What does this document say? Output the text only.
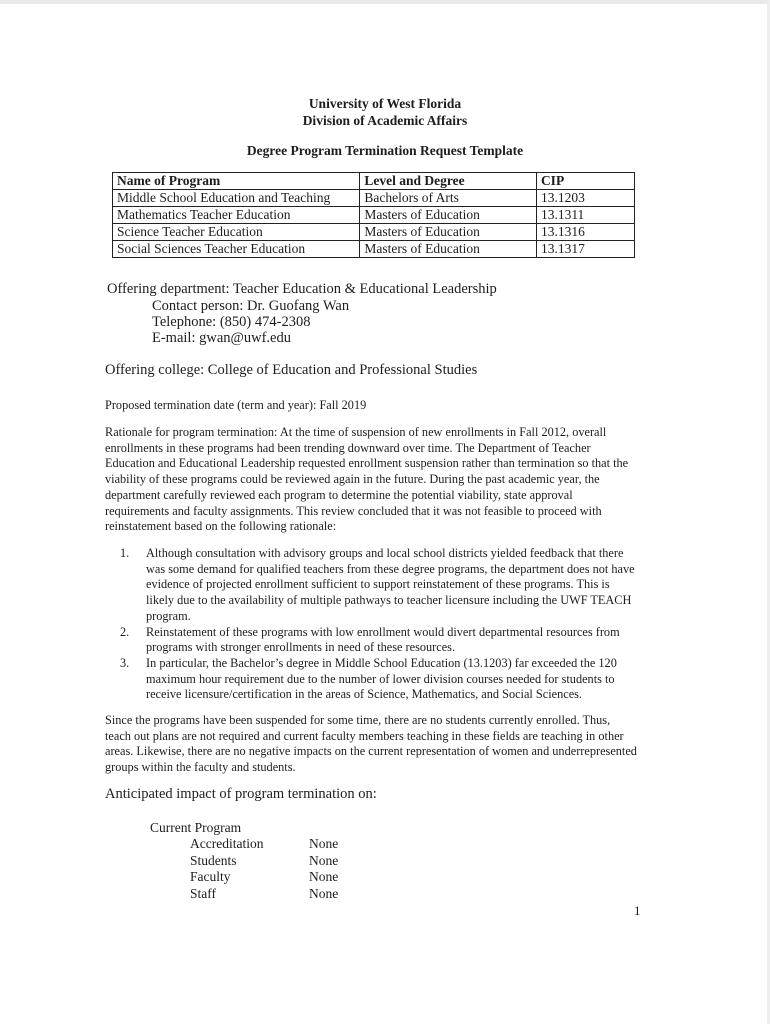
University of West Florida
Division of Academic Affairs
Degree Program Termination Request Template
Name of Program	Level and Degree	CIP
Middle School Education and Teaching	Bachelors of Arts	13.1203
Mathematics Teacher Education	Masters of Education	13.1311
Science Teacher Education	Masters of Education	13.1316
Social Sciences Teacher Education	Masters of Education	13.1317
Offering department: Teacher Education & Educational Leadership
Contact person: Dr. Guofang Wan
Telephone: (850) 474-2308
E-mail: gwan@uwf.edu
Offering college: College of Education and Professional Studies
Proposed termination date (term and year): Fall 2019
Rationale for program termination: At the time of suspension of new enrollments in Fall 2012, overall
enrollments in these programs had been trending downward over time. The Department of Teacher
Education and Educational Leadership requested enrollment suspension rather than termination so that the
viability of these programs could be reviewed again in the future. During the past academic year, the
department carefully reviewed each program to determine the potential viability, state approval
requirements and faculty assignments. This review concluded that it was not feasible to proceed with
reinstatement based on the following rationale:
1. Although consultation with advisory groups and local school districts yielded feedback that there
was some demand for qualified teachers from these degree programs, the department does not have
evidence of projected enrollment sufficient to support reinstatement of these programs. This is
likely due to the availability of multiple pathways to teacher licensure including the UWF TEACH
program.
2. Reinstatement of these programs with low enrollment would divert departmental resources from
programs with stronger enrollments in need of these resources.
3. In particular, the Bachelor’s degree in Middle School Education (13.1203) far exceeded the 120
maximum hour requirement due to the number of lower division courses needed for students to
receive licensure/certification in the areas of Science, Mathematics, and Social Sciences.
Since the programs have been suspended for some time, there are no students currently enrolled. Thus,
teach out plans are not required and current faculty members teaching in these fields are teaching in other
areas. Likewise, there are no negative impacts on the current representation of women and underrepresented
groups within the faculty and students.
Anticipated impact of program termination on:
Current Program
Accreditation	None
Students	None
Faculty	None
Staff	None
1
